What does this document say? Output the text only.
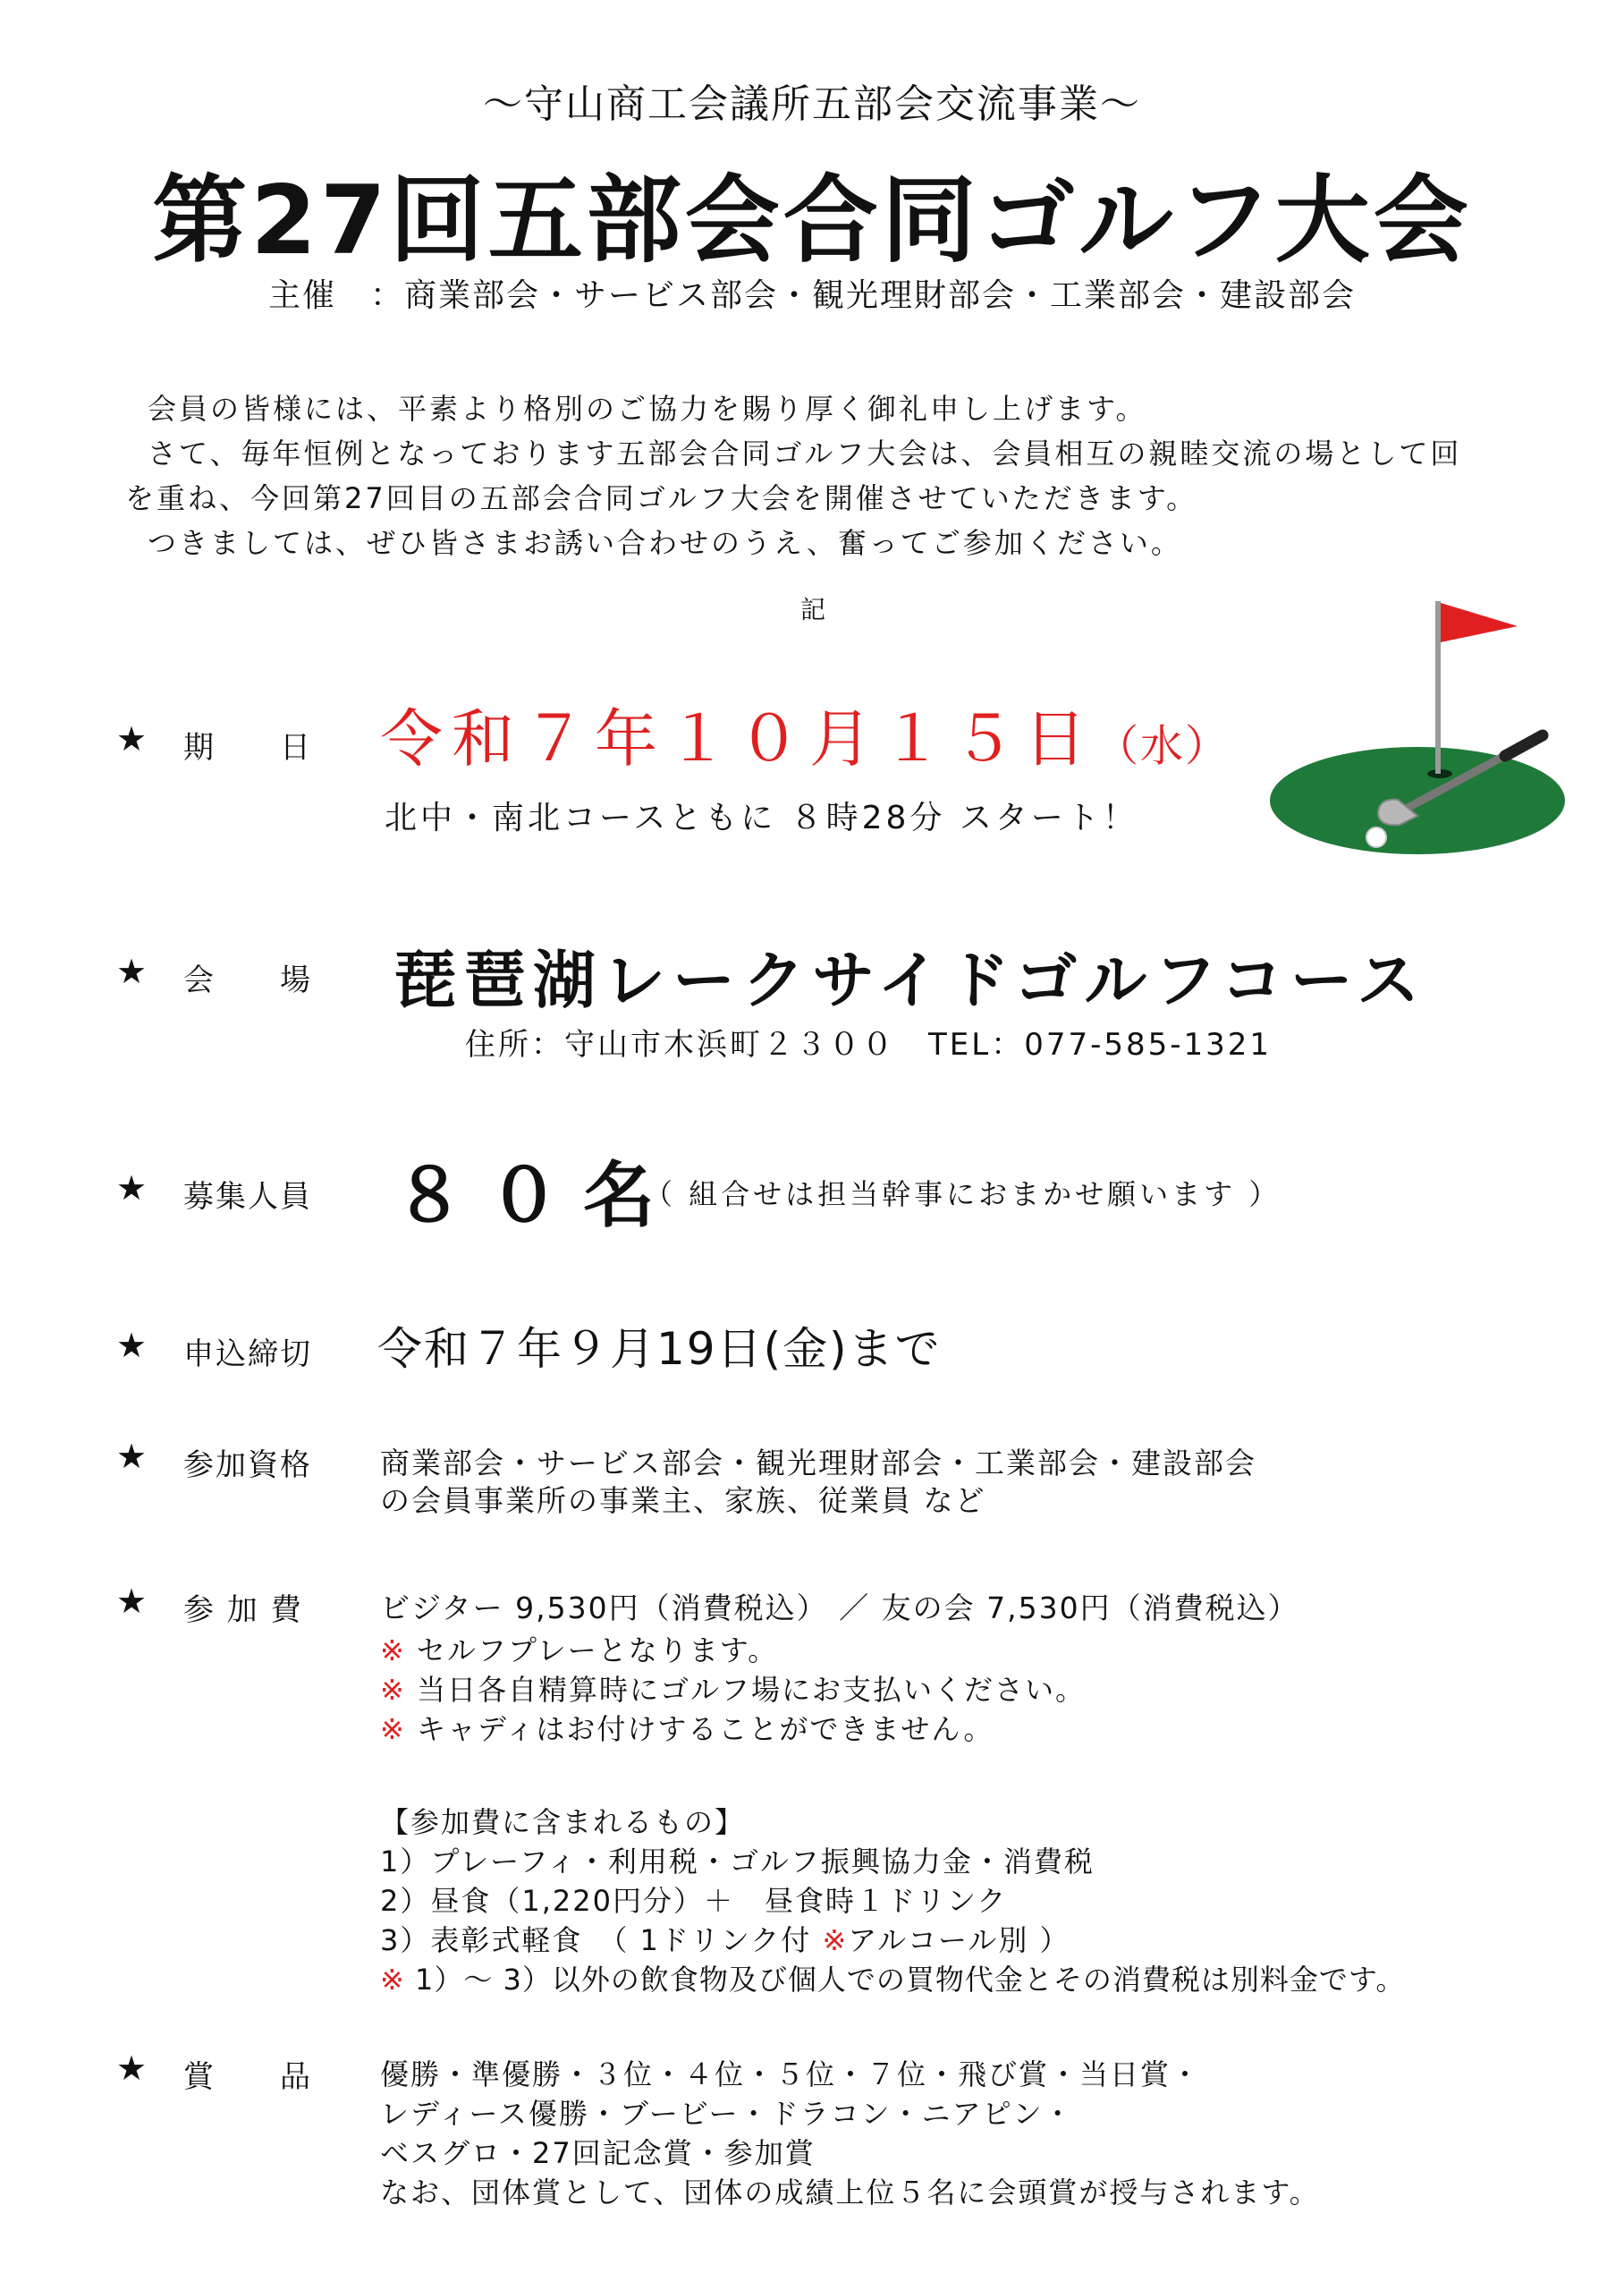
～守山商工会議所五部会交流事業～
第27回五部会合同ゴルフ大会
主催　：商業部会・サービス部会・観光理財部会・工業部会・建設部会
会員の皆様には、平素より格別のご協力を賜り厚く御礼申し上げます。
さて、毎年恒例となっております五部会合同ゴルフ大会は、会員相互の親睦交流の場として回
を重ね、今回第27回目の五部会合同ゴルフ大会を開催させていただきます。
つきましては、ぜひ皆さまお誘い合わせのうえ、奮ってご参加ください。
記
★ 期　　日 令和７年１０月１５日（水）
北中・南北コースともに ８時28分 スタート！
★ 会　　場 琵琶湖レークサイドゴルフコース
住所：守山市木浜町２３００　TEL：077-585-1321
★ 募集人員 ８０名
（ 組合せは担当幹事におまかせ願います ）
★ 申込締切 令和７年９月19日(金)まで
★ 参加資格 商業部会・サービス部会・観光理財部会・工業部会・建設部会
の会員事業所の事業主、家族、従業員 など
★ 参 加 費	ビジター 9,530円（消費税込） ／ 友の会 7,530円（消費税込）
※ セルフプレーとなります。
※ 当日各自精算時にゴルフ場にお支払いください。
※ キャディはお付けすることができません。
【参加費に含まれるもの】
1）プレーフィ・利用税・ゴルフ振興協力金・消費税
2）昼食（1,220円分）＋　昼食時１ドリンク
3）表彰式軽食　（ 1ドリンク付 ※アルコール別 ）
※ 1）～ 3）以外の飲食物及び個人での買物代金とその消費税は別料金です。
★ 賞　　品 優勝・準優勝・３位・４位・５位・７位・飛び賞・当日賞・
レディース優勝・ブービー・ドラコン・ニアピン・
ベスグロ・27回記念賞・参加賞
なお、団体賞として、団体の成績上位５名に会頭賞が授与されます。
